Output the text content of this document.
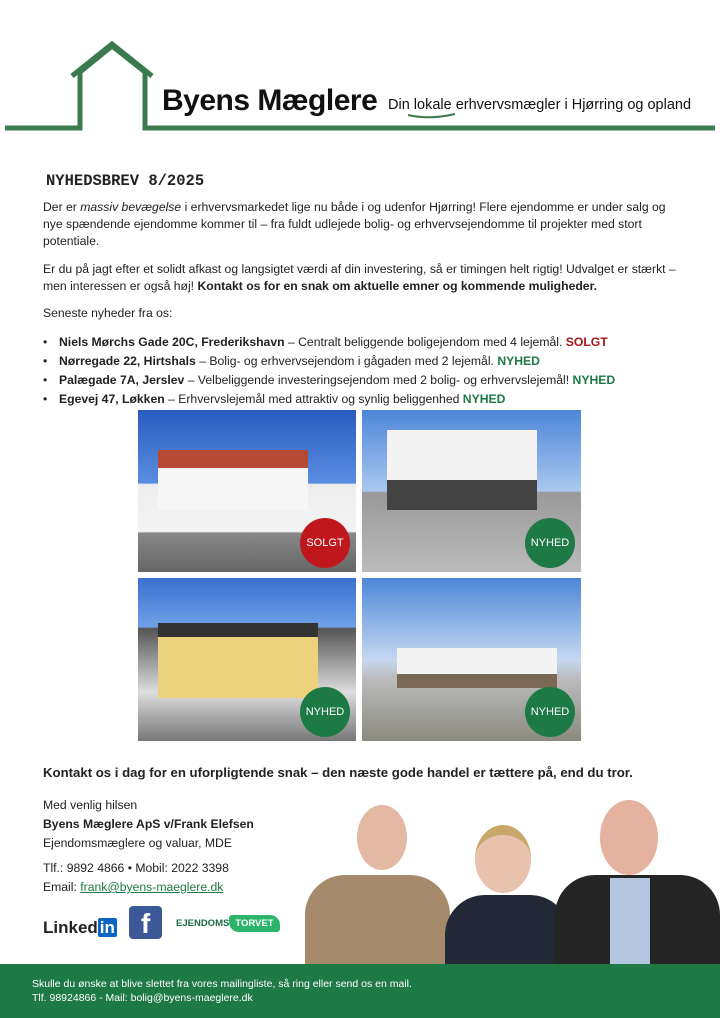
Byens Mæglere Din lokale erhvervsmægler i Hjørring og opland
NYHEDSBREV 8/2025
Der er massiv bevægelse i erhvervsmarkedet lige nu både i og udenfor Hjørring! Flere ejendomme er under salg og nye spændende ejendomme kommer til – fra fuldt udlejede bolig- og erhvervsejendomme til projekter med stort potentiale.
Er du på jagt efter et solidt afkast og langsigtet værdi af din investering, så er timingen helt rigtig! Udvalget er stærkt – men interessen er også høj! Kontakt os for en snak om aktuelle emner og kommende muligheder.
Seneste nyheder fra os:
• Niels Mørchs Gade 20C, Frederikshavn – Centralt beliggende boligejendom med 4 lejemål. SOLGT
• Nørregade 22, Hirtshals – Bolig- og erhvervsejendom i gågaden med 2 lejemål. NYHED
• Palægade 7A, Jerslev – Velbeliggende investeringsejendom med 2 bolig- og erhvervslejemål! NYHED
• Egevej 47, Løkken – Erhvervslejemål med attraktiv og synlig beliggenhed NYHED
SOLGT	NYHED
NYHED	NYHED
Kontakt os i dag for en uforpligtende snak – den næste gode handel er tættere på, end du tror.
Med venlig hilsen
Byens Mæglere ApS v/Frank Elefsen
Ejendomsmæglere og valuar, MDE
Tlf.: 9892 4866 • Mobil: 2022 3398
Email: frank@byens-maeglere.dk
Linked in f	EJENDOMS TORVET
Skulle du ønske at blive slettet fra vores mailingliste, så ring eller send os en mail.
Tlf. 98924866 - Mail: bolig@byens-maeglere.dk
